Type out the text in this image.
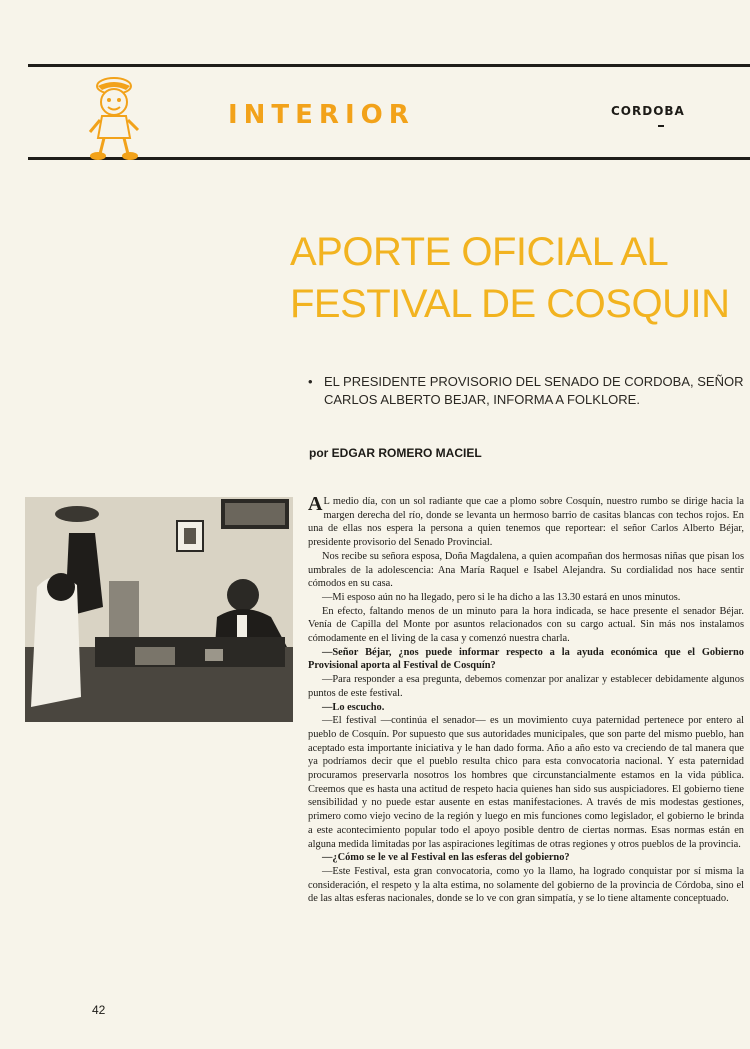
INTERIOR	CORDOBA
APORTE OFICIAL AL
FESTIVAL DE COSQUIN
• EL PRESIDENTE PROVISORIO DEL SENADO DE CORDOBA, SEÑOR CARLOS ALBERTO BEJAR, INFORMA A FOLKLORE.
por EDGAR ROMERO MACIEL

A L medio día, con un sol radiante que cae a plomo sobre Cosquín, nuestro rumbo se dirige hacia la margen derecha del río, donde se levanta un hermoso barrio de casitas blancas con techos rojos. En una de ellas nos espera la persona a quien tenemos que reportear: el señor Carlos Alberto Béjar, presidente provisorio del Senado Provincial.

Nos recibe su señora esposa, Doña Magdalena, a quien acompañan dos hermosas niñas que pisan los umbrales de la adolescencia: Ana María Raquel e Isabel Alejandra. Su cordialidad nos hace sentir cómodos en su casa.

—Mi esposo aún no ha llegado, pero si le ha dicho a las 13.30 estará en unos minutos.

En efecto, faltando menos de un minuto para la hora indicada, se hace presente el senador Béjar. Venía de Capilla del Monte por asuntos relacionados con su cargo actual. Sin más nos instalamos cómodamente en el living de la casa y comenzó nuestra charla.

—Señor Béjar, ¿nos puede informar respecto a la ayuda económica que el Gobierno Provisional aporta al Festival de Cosquín?

—Para responder a esa pregunta, debemos comenzar por analizar y establecer debidamente algunos puntos de este festival.

—Lo escucho.

—El festival —continúa el senador— es un movimiento cuya paternidad pertenece por entero al pueblo de Cosquín. Por supuesto que sus autoridades municipales, que son parte del mismo pueblo, han aceptado esta importante iniciativa y le han dado forma. Año a año esto va creciendo de tal manera que ya podríamos decir que el pueblo resulta chico para esta convocatoria nacional. Y esta paternidad procuramos preservarla nosotros los hombres que circunstancialmente estamos en la vida pública. Creemos que es hasta una actitud de respeto hacia quienes han sido sus auspiciadores. El gobierno tiene sensibilidad y no puede estar ausente en estas manifestaciones. A través de mis modestas gestiones, primero como viejo vecino de la región y luego en mis funciones como legislador, el gobierno le brinda a este acontecimiento popular todo el apoyo posible dentro de ciertas normas. Esas normas están en alguna medida limitadas por las aspiraciones legítimas de otras regiones y otros pueblos de la provincia.

—¿Cómo se le ve al Festival en las esferas del gobierno?

—Este Festival, esta gran convocatoria, como yo la llamo, ha logrado conquistar por sí misma la consideración, el respeto y la alta estima, no solamente del gobierno de la provincia de Córdoba, sino el de las altas esferas nacionales, donde se lo ve con gran simpatía, y se lo tiene altamente conceptuado.

42
